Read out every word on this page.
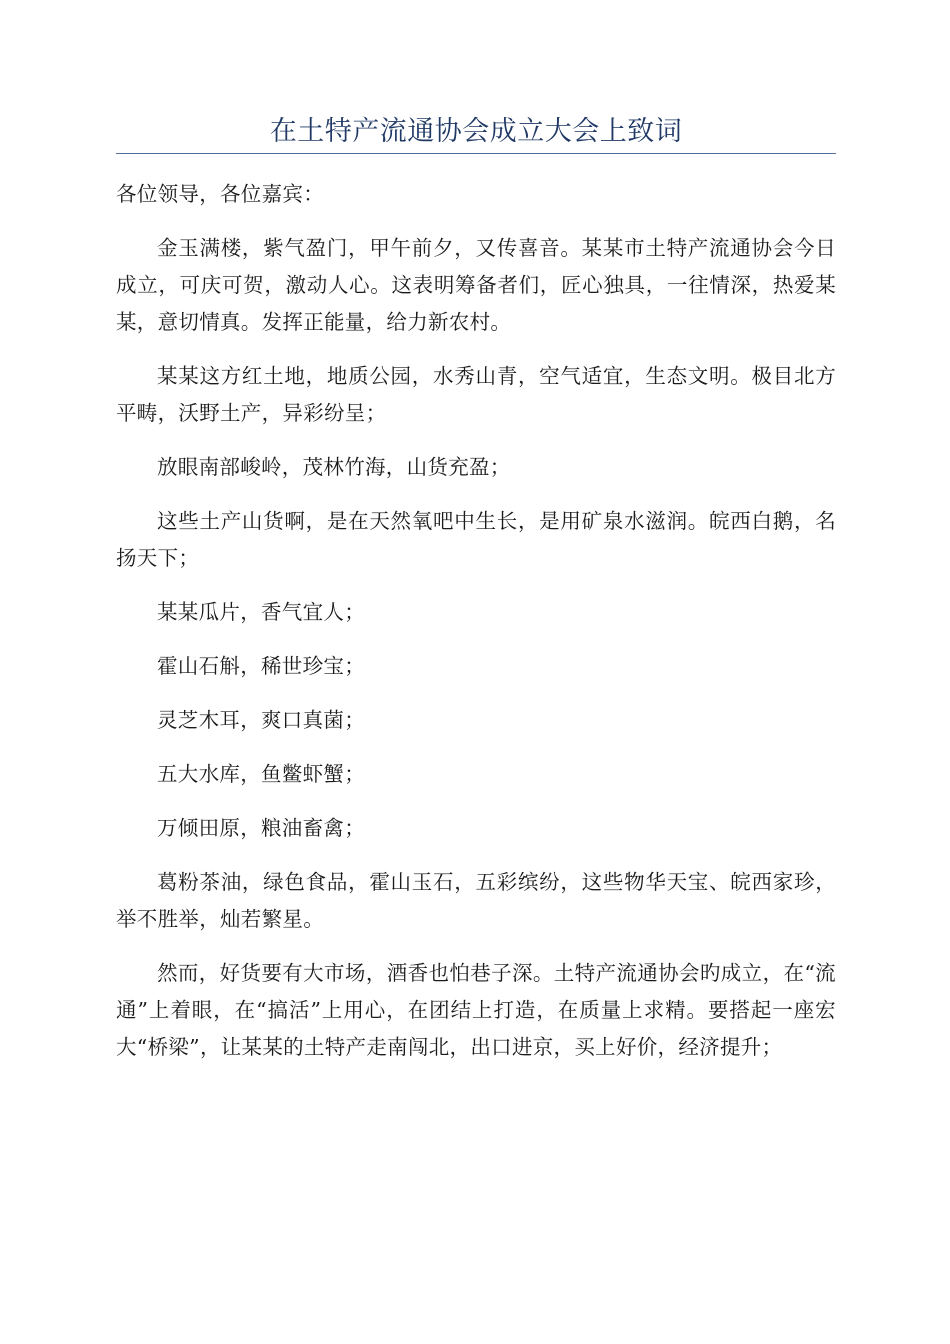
在土特产流通协会成立大会上致词

各位领导，各位嘉宾：

金玉满楼，紫气盈门，甲午前夕，又传喜音。某某市土特产流通协会今日成立，可庆可贺，激动人心。这表明筹备者们，匠心独具，一往情深，热爱某某，意切情真。发挥正能量，给力新农村。

某某这方红土地，地质公园，水秀山青，空气适宜，生态文明。极目北方平畴，沃野土产，异彩纷呈；

放眼南部峻岭，茂林竹海，山货充盈；

这些土产山货啊，是在天然氧吧中生长，是用矿泉水滋润。皖西白鹅，名扬天下；

某某瓜片，香气宜人；

霍山石斛，稀世珍宝；

灵芝木耳，爽口真菌；

五大水库，鱼鳖虾蟹；

万倾田原，粮油畜禽；

葛粉茶油，绿色食品，霍山玉石，五彩缤纷，这些物华天宝、皖西家珍，举不胜举，灿若繁星。

然而，好货要有大市场，酒香也怕巷子深。土特产流通协会旳成立，在“流通”上着眼，在“搞活”上用心，在团结上打造，在质量上求精。要搭起一座宏大“桥梁”，让某某的土特产走南闯北，出口进京，买上好价，经济提升；
